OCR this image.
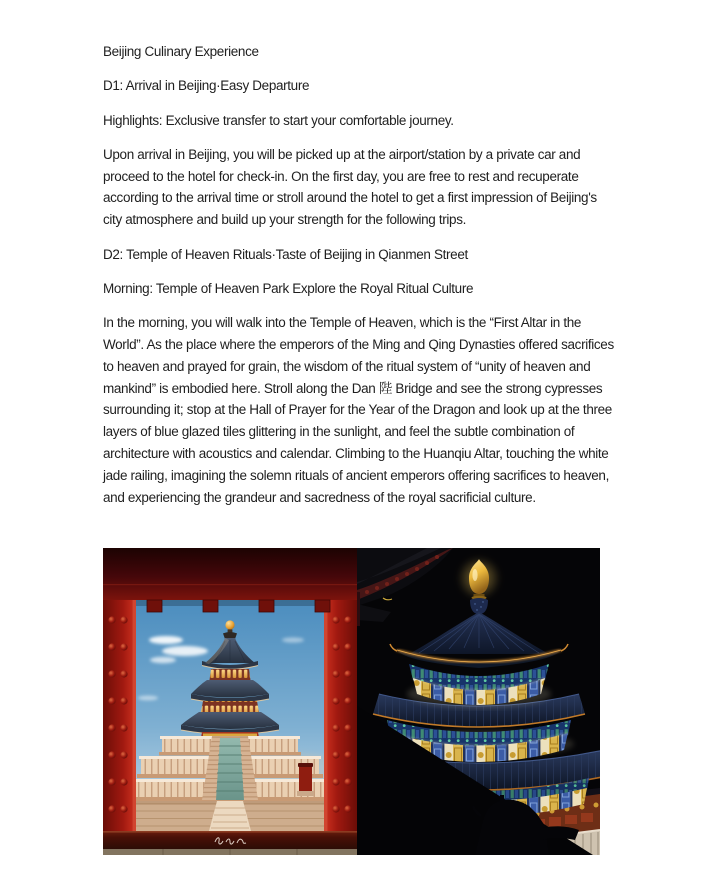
Beijing Culinary Experience

D1: Arrival in Beijing·Easy Departure

Highlights: Exclusive transfer to start your comfortable journey.

Upon arrival in Beijing, you will be picked up at the airport/station by a private car and proceed to the hotel for check-in. On the first day, you are free to rest and recuperate according to the arrival time or stroll around the hotel to get a first impression of Beijing's city atmosphere and build up your strength for the following trips.

D2: Temple of Heaven Rituals·Taste of Beijing in Qianmen Street

Morning: Temple of Heaven Park Explore the Royal Ritual Culture

In the morning, you will walk into the Temple of Heaven, which is the “First Altar in the World”. As the place where the emperors of the Ming and Qing Dynasties offered sacrifices to heaven and prayed for grain, the wisdom of the ritual system of “unity of heaven and mankind” is embodied here. Stroll along the Dan 陛 Bridge and see the strong cypresses surrounding it; stop at the Hall of Prayer for the Year of the Dragon and look up at the three layers of blue glazed tiles glittering in the sunlight, and feel the subtle combination of architecture with acoustics and calendar. Climbing to the Huanqiu Altar, touching the white jade railing, imagining the solemn rituals of ancient emperors offering sacrifices to heaven, and experiencing the grandeur and sacredness of the royal sacrificial culture.
